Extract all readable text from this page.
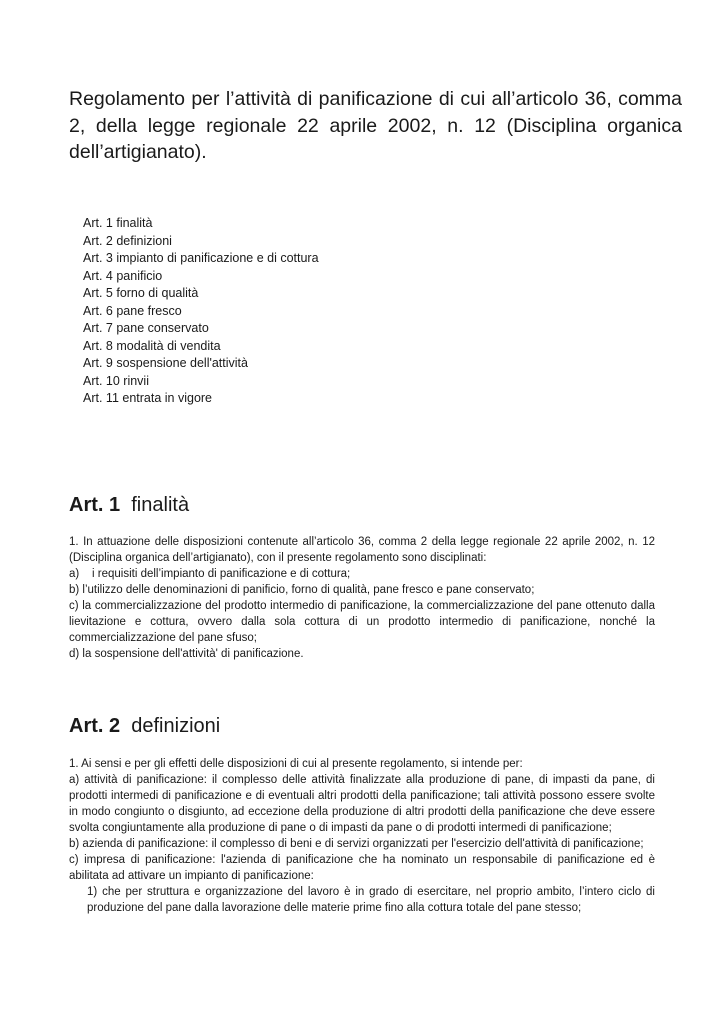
Regolamento per l’attività di panificazione di cui all’articolo 36, comma 2, della legge regionale 22 aprile 2002, n. 12 (Disciplina organica dell’artigianato).
Art. 1 finalità
Art. 2 definizioni
Art. 3 impianto di panificazione e di cottura
Art. 4 panificio
Art. 5 forno di qualità
Art. 6 pane fresco
Art. 7 pane conservato
Art. 8 modalità di vendita
Art. 9 sospensione dell'attività
Art. 10 rinvii
Art. 11 entrata in vigore
Art. 1 finalità

1. In attuazione delle disposizioni contenute all’articolo 36, comma 2 della legge regionale 22 aprile 2002, n. 12 (Disciplina organica dell’artigianato), con il presente regolamento sono disciplinati:

a)    i requisiti dell’impianto di panificazione e di cottura;

b) l’utilizzo delle denominazioni di panificio, forno di qualità, pane fresco e pane conservato;

c) la commercializzazione del prodotto intermedio di panificazione, la commercializzazione del pane ottenuto dalla lievitazione e cottura, ovvero dalla sola cottura di un prodotto intermedio di panificazione, nonché la commercializzazione del pane sfuso;

d) la sospensione dell'attività' di panificazione.

Art. 2 definizioni

1. Ai sensi e per gli effetti delle disposizioni di cui al presente regolamento, si intende per:

a) attività di panificazione: il complesso delle attività finalizzate alla produzione di pane, di impasti da pane, di prodotti intermedi di panificazione e di eventuali altri prodotti della panificazione; tali attività possono essere svolte in modo congiunto o disgiunto, ad eccezione della produzione di altri prodotti della panificazione che deve essere svolta congiuntamente alla produzione di pane o di impasti da pane o di prodotti intermedi di panificazione;

b) azienda di panificazione: il complesso di beni e di servizi organizzati per l'esercizio dell'attività di panificazione;

c) impresa di panificazione: l'azienda di panificazione che ha nominato un responsabile di panificazione ed è abilitata ad attivare un impianto di panificazione:

1) che per struttura e organizzazione del lavoro è in grado di esercitare, nel proprio ambito, l’intero ciclo di produzione del pane dalla lavorazione delle materie prime fino alla cottura totale del pane stesso;
